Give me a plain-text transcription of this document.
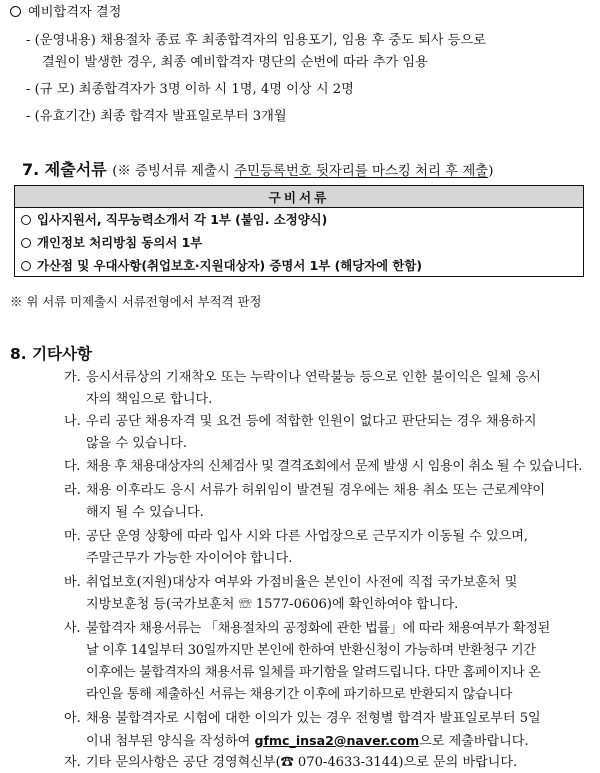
예비합격자 결정
- (운영내용) 채용절차 종료 후 최종합격자의 임용포기, 임용 후 중도 퇴사 등으로
결원이 발생한 경우, 최종 예비합격자 명단의 순번에 따라 추가 임용
- (규 모) 최종합격자가 3명 이하 시 1명, 4명 이상 시 2명
- (유효기간) 최종 합격자 발표일로부터 3개월
7. 제출서류 (※ 증빙서류 제출시 주민등록번호 뒷자리를 마스킹 처리 후 제출)
구비서류
입사지원서, 직무능력소개서 각 1부 (붙임. 소정양식)
개인정보 처리방침 동의서 1부
가산점 및 우대사항(취업보호·지원대상자) 증명서 1부 (해당자에 한함)
※ 위 서류 미제출시 서류전형에서 부적격 판정
8. 기타사항
가. 응시서류상의 기재착오 또는 누락이나 연락불능 등으로 인한 불이익은 일체 응시
자의 책임으로 합니다.
나. 우리 공단 채용자격 및 요건 등에 적합한 인원이 없다고 판단되는 경우 채용하지
않을 수 있습니다.
다. 채용 후 채용대상자의 신체검사 및 결격조회에서 문제 발생 시 임용이 취소 될 수 있습니다.
라. 채용 이후라도 응시 서류가 허위임이 발견될 경우에는 채용 취소 또는 근로계약이
해지 될 수 있습니다.
마. 공단 운영 상황에 따라 입사 시와 다른 사업장으로 근무지가 이동될 수 있으며,
주말근무가 가능한 자이어야 합니다.
바. 취업보호(지원)대상자 여부와 가점비율은 본인이 사전에 직접 국가보훈처 및
지방보훈청 등(국가보훈처 ☏ 1577-0606)에 확인하여야 합니다.
사. 불합격자 채용서류는 「채용절차의 공정화에 관한 법률」에 따라 채용여부가 확정된
날 이후 14일부터 30일까지만 본인에 한하여 반환신청이 가능하며 반환청구 기간
이후에는 불합격자의 채용서류 일체를 파기함을 알려드립니다. 다만 홈페이지나 온
라인을 통해 제출하신 서류는 채용기간 이후에 파기하므로 반환되지 않습니다
아. 채용 불합격자로 시험에 대한 이의가 있는 경우 전형별 합격자 발표일로부터 5일
이내 첨부된 양식을 작성하여 gfmc_insa2@naver.com으로 제출바랍니다.
자. 기타 문의사항은 공단 경영혁신부(☎ 070-4633-3144)으로 문의 바랍니다.
